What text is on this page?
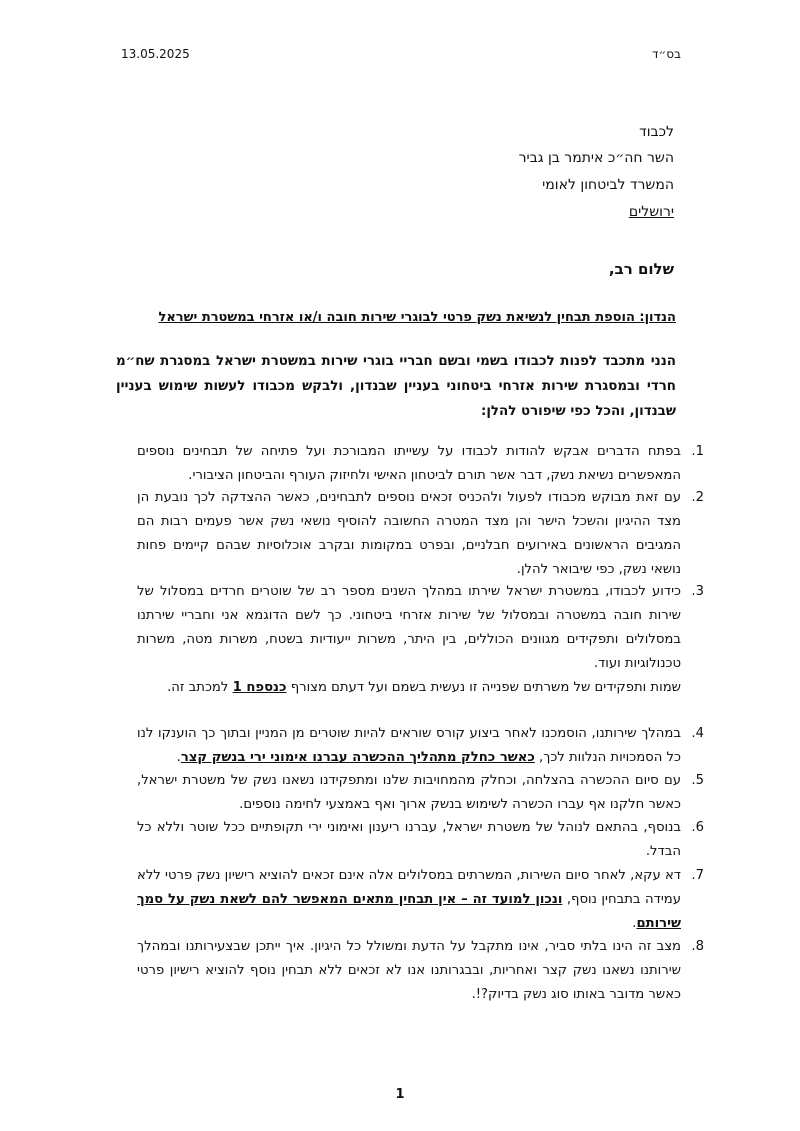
13.05.2025	בס״ד
לכבוד
השר חה״כ איתמר בן גביר
המשרד לביטחון לאומי
ירושלים
שלום רב,
הנדון: הוספת תבחין לנשיאת נשק פרטי לבוגרי שירות חובה ו/או אזרחי במשטרת ישראל
הנני מתכבד לפנות לכבודו בשמי ובשם חבריי בוגרי שירות במשטרת ישראל במסגרת שח״מ חרדי ובמסגרת שירות אזרחי ביטחוני בעניין שבנדון, ולבקש מכבודו לעשות שימוש בעניין שבנדון, והכל כפי שיפורט להלן:
1.
בפתח הדברים אבקש להודות לכבודו על עשייתו המבורכת ועל פתיחה של תבחינים נוספים המאפשרים נשיאת נשק, דבר אשר תורם לביטחון האישי ולחיזוק העורף והביטחון הציבורי.
2.
עם זאת מבוקש מכבודו לפעול ולהכניס זכאים נוספים לתבחינים, כאשר ההצדקה לכך נובעת הן מצד ההיגיון והשכל הישר והן מצד המטרה החשובה להוסיף נושאי נשק אשר פעמים רבות הם המגיבים הראשונים באירועים חבלניים, ובפרט במקומות ובקרב אוכלוסיות שבהם קיימים פחות נושאי נשק, כפי שיבואר להלן.
3.
כידוע לכבודו, במשטרת ישראל שירתו במהלך השנים מספר רב של שוטרים חרדים במסלול של שירות חובה במשטרה ובמסלול של שירות אזרחי ביטחוני. כך לשם הדוגמא אני וחבריי שירתנו במסלולים ותפקידים מגוונים הכוללים, בין היתר, משרות ייעודיות בשטח, משרות מטה, משרות טכנולוגיות ועוד.
שמות ותפקידים של משרתים שפנייה זו נעשית בשמם ועל דעתם מצורף כנספח 1 למכתב זה.
4.
במהלך שירותנו, הוסמכנו לאחר ביצוע קורס שוראים להיות שוטרים מן המניין ובתוך כך הוענקו לנו כל הסמכויות הנלוות לכך, כאשר כחלק מתהליך ההכשרה עברנו אימוני ירי בנשק קצר.
5.
עם סיום ההכשרה בהצלחה, וכחלק מהמחויבות שלנו ומתפקידנו נשאנו נשק של משטרת ישראל, כאשר חלקנו אף עברו הכשרה לשימוש בנשק ארוך ואף באמצעי לחימה נוספים.
6.
בנוסף, בהתאם לנוהל של משטרת ישראל, עברנו ריענון ואימוני ירי תקופתיים ככל שוטר וללא כל הבדל.
7.
דא עקא, לאחר סיום השירות, המשרתים במסלולים אלה אינם זכאים להוציא רישיון נשק פרטי ללא עמידה בתבחין נוסף, ונכון למועד זה – אין תבחין מתאים המאפשר להם לשאת נשק על סמך שירותם.
8.
מצב זה הינו בלתי סביר, אינו מתקבל על הדעת ומשולל כל היגיון. איך ייתכן שבצעירותנו ובמהלך שירותנו נשאנו נשק קצר ואחריות, ובבגרותנו אנו לא זכאים ללא תבחין נוסף להוציא רישיון פרטי כאשר מדובר באותו סוג נשק בדיוק?!.
1
